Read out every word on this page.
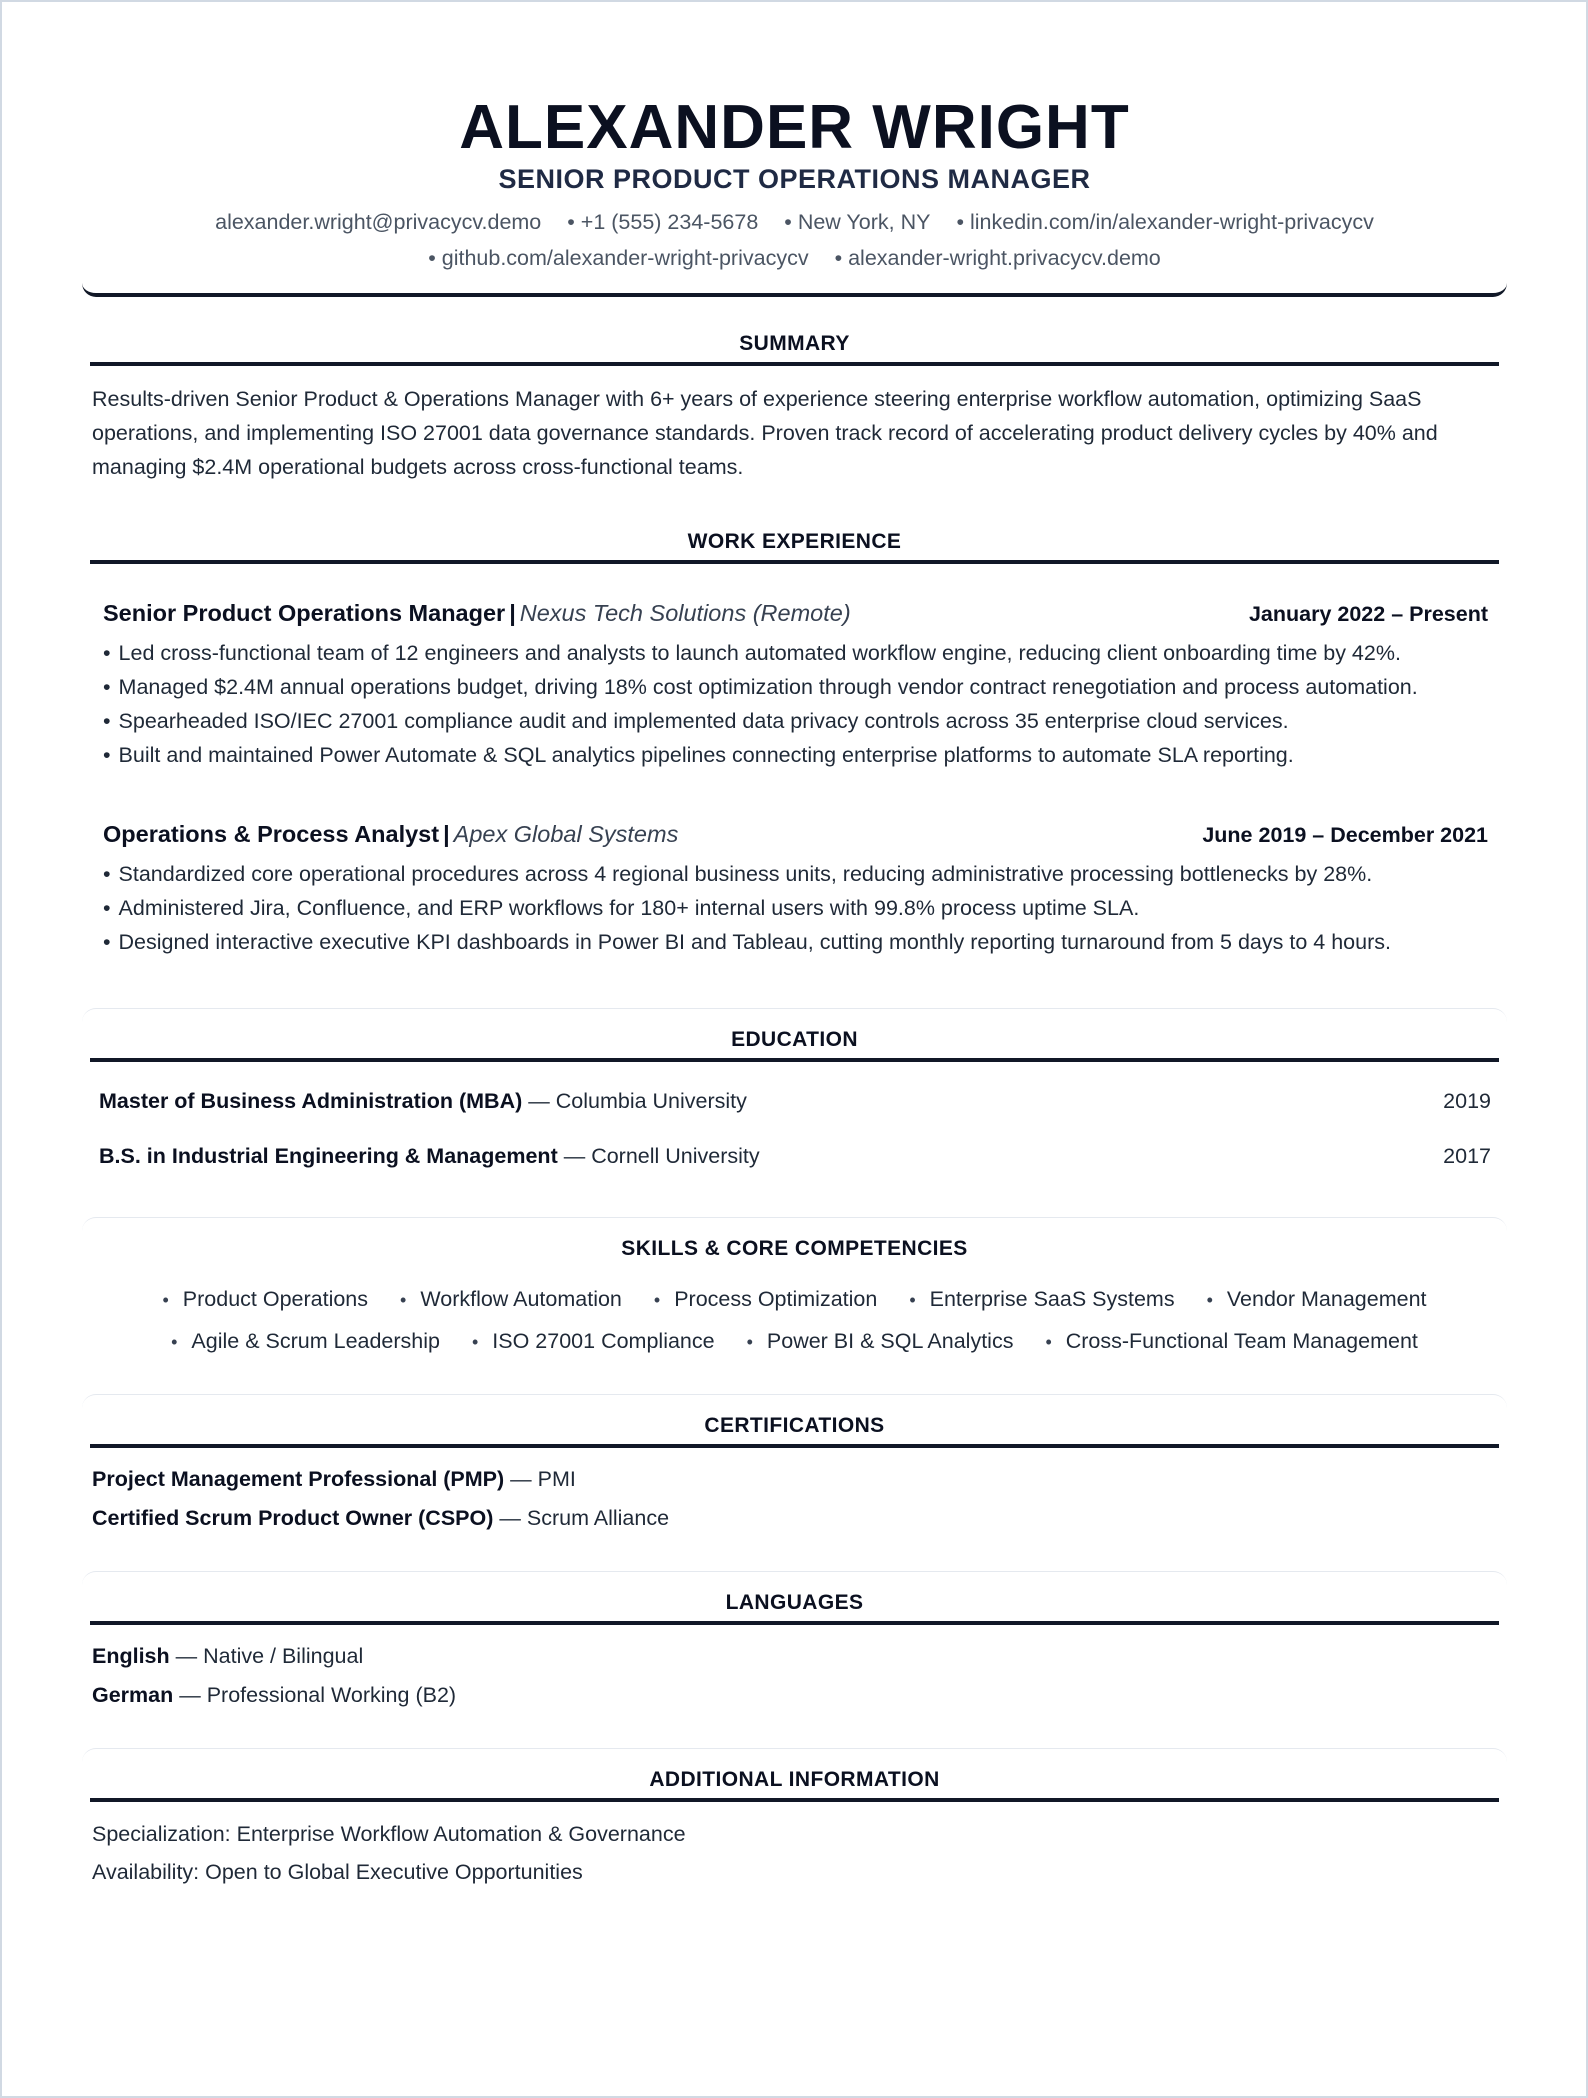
ALEXANDER WRIGHT
SENIOR PRODUCT OPERATIONS MANAGER
alexander.wright@privacycv.demo • +1 (555) 234-5678 • New York, NY • linkedin.com/in/alexander-wright-privacycv
• github.com/alexander-wright-privacycv • alexander-wright.privacycv.demo
SUMMARY
Results-driven Senior Product & Operations Manager with 6+ years of experience steering enterprise workflow automation, optimizing SaaS operations, and implementing ISO 27001 data governance standards. Proven track record of accelerating product delivery cycles by 40% and managing $2.4M operational budgets across cross-functional teams.
WORK EXPERIENCE
Senior Product Operations Manager | Nexus Tech Solutions (Remote)	January 2022 – Present
• Led cross-functional team of 12 engineers and analysts to launch automated workflow engine, reducing client onboarding time by 42%.
• Managed $2.4M annual operations budget, driving 18% cost optimization through vendor contract renegotiation and process automation.
• Spearheaded ISO/IEC 27001 compliance audit and implemented data privacy controls across 35 enterprise cloud services.
• Built and maintained Power Automate & SQL analytics pipelines connecting enterprise platforms to automate SLA reporting.
Operations & Process Analyst | Apex Global Systems	June 2019 – December 2021
• Standardized core operational procedures across 4 regional business units, reducing administrative processing bottlenecks by 28%.
• Administered Jira, Confluence, and ERP workflows for 180+ internal users with 99.8% process uptime SLA.
• Designed interactive executive KPI dashboards in Power BI and Tableau, cutting monthly reporting turnaround from 5 days to 4 hours.
EDUCATION
Master of Business Administration (MBA) — Columbia University	2019
B.S. in Industrial Engineering & Management — Cornell University	2017
SKILLS & CORE COMPETENCIES
• Product Operations • Workflow Automation • Process Optimization • Enterprise SaaS Systems • Vendor Management
• Agile & Scrum Leadership • ISO 27001 Compliance • Power BI & SQL Analytics • Cross-Functional Team Management
CERTIFICATIONS
Project Management Professional (PMP) — PMI
Certified Scrum Product Owner (CSPO) — Scrum Alliance
LANGUAGES
English — Native / Bilingual
German — Professional Working (B2)
ADDITIONAL INFORMATION
Specialization: Enterprise Workflow Automation & Governance
Availability: Open to Global Executive Opportunities
